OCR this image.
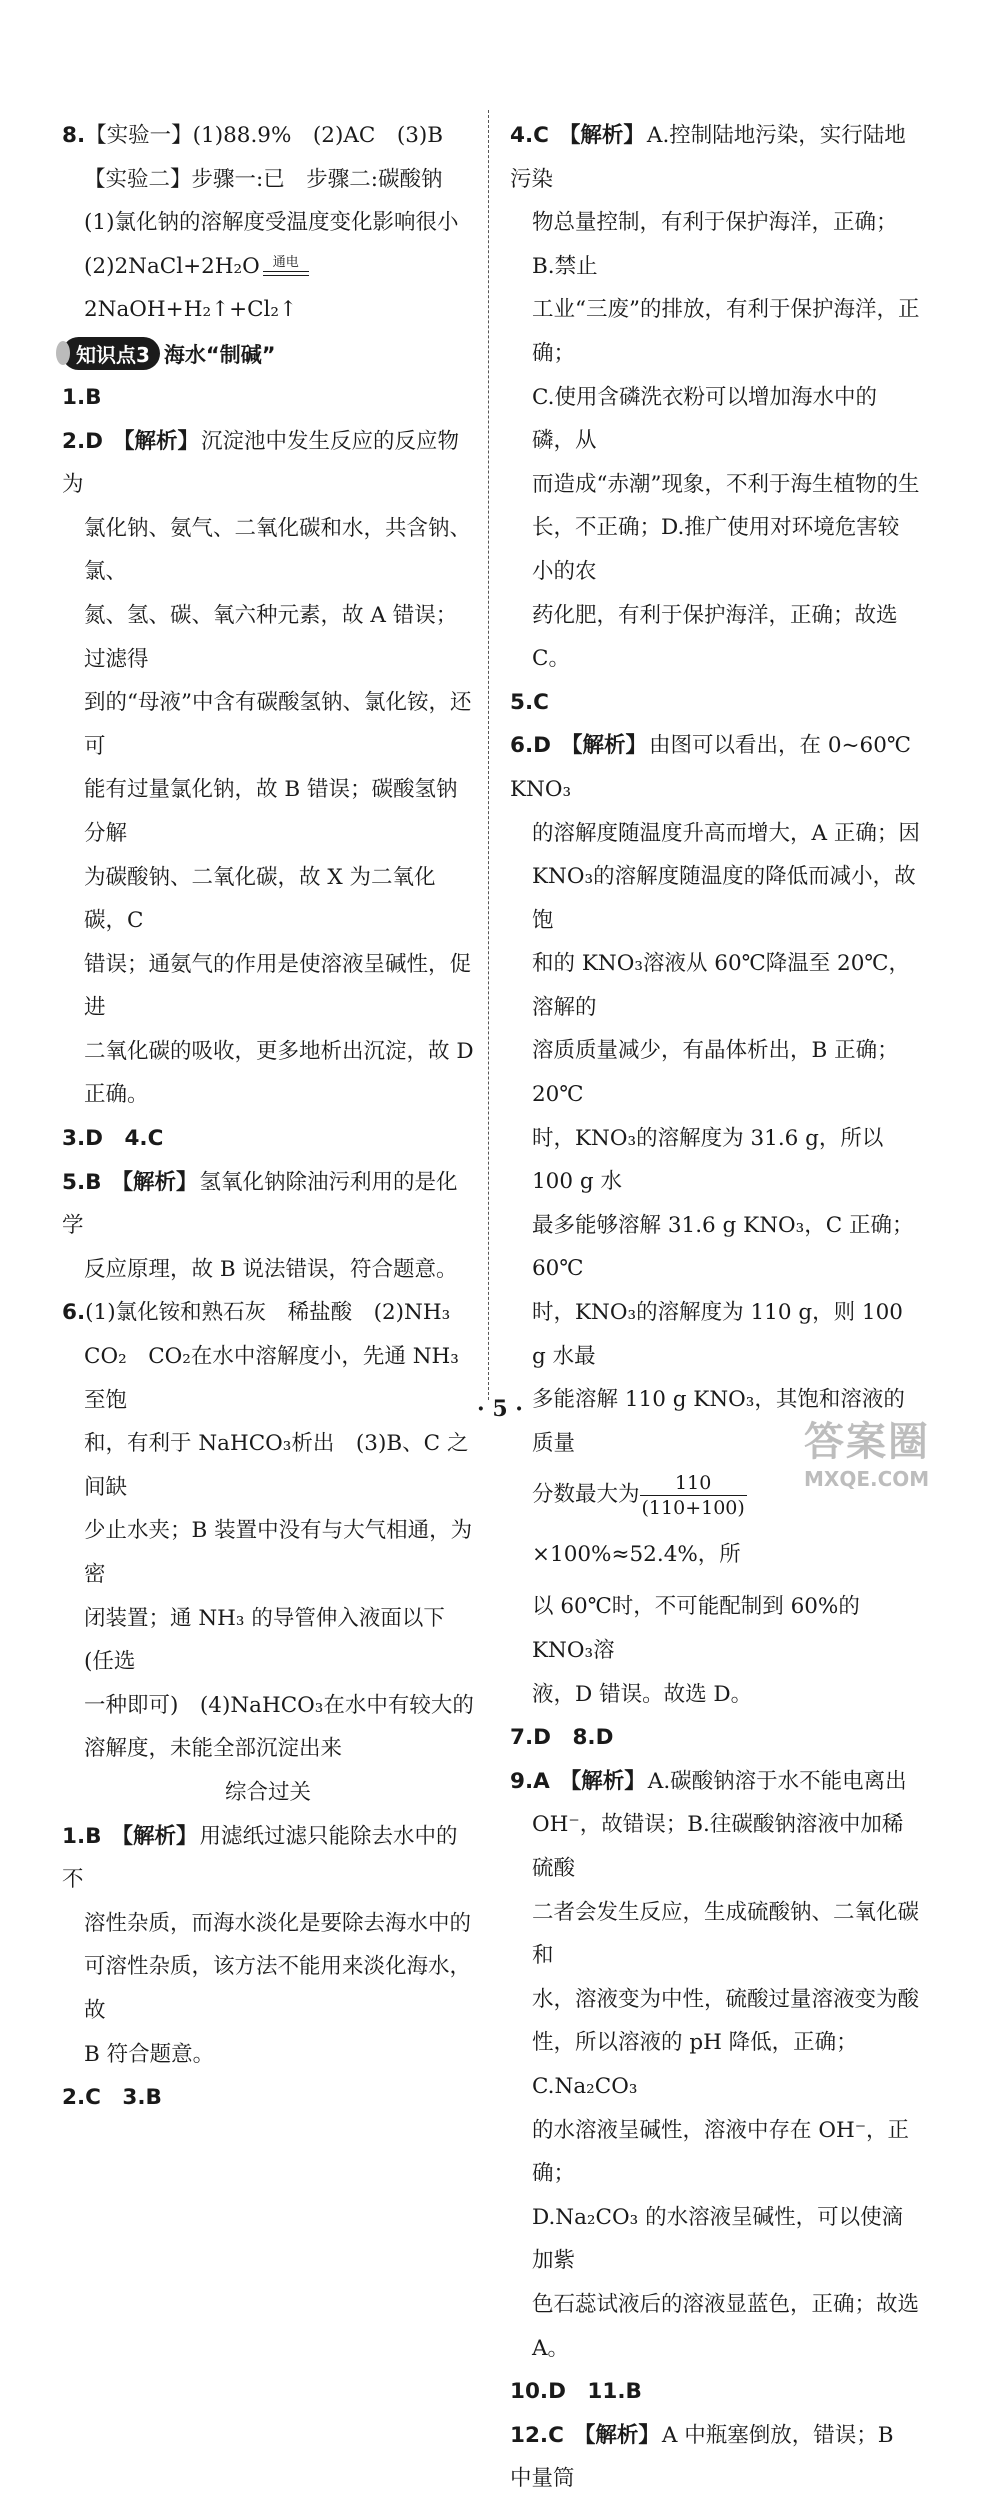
8.【实验一】(1)88.9%　(2)AC　(3)B

【实验二】步骤一:已　步骤二:碳酸钠

(1)氯化钠的溶解度受温度变化影响很小

(2)2NaCl+2H₂O 通电
2NaOH+H₂↑+Cl₂↑

知识点3 海水“制碱”

1.B

2.D 【解析】沉淀池中发生反应的反应物为

氯化钠、氨气、二氧化碳和水，共含钠、氯、

氮、氢、碳、氧六种元素，故 A 错误；过滤得

到的“母液”中含有碳酸氢钠、氯化铵，还可

能有过量氯化钠，故 B 错误；碳酸氢钠分解

为碳酸钠、二氧化碳，故 X 为二氧化碳，C

错误；通氨气的作用是使溶液呈碱性，促进

二氧化碳的吸收，更多地析出沉淀，故 D

正确。

3.D　4.C

5.B 【解析】氢氧化钠除油污利用的是化学

反应原理，故 B 说法错误，符合题意。

6.(1)氯化铵和熟石灰　稀盐酸　(2)NH₃

CO₂　CO₂在水中溶解度小，先通 NH₃至饱

和，有利于 NaHCO₃析出　(3)B、C 之间缺

少止水夹；B 装置中没有与大气相通，为密

闭装置；通 NH₃ 的导管伸入液面以下(任选

一种即可)　(4)NaHCO₃在水中有较大的

溶解度，未能全部沉淀出来

综合过关

1.B 【解析】用滤纸过滤只能除去水中的不

溶性杂质，而海水淡化是要除去海水中的

可溶性杂质，该方法不能用来淡化海水，故

B 符合题意。

2.C　3.B

4.C 【解析】A.控制陆地污染，实行陆地污染

物总量控制，有利于保护海洋，正确；B.禁止

工业“三废”的排放，有利于保护海洋，正确；

C.使用含磷洗衣粉可以增加海水中的磷，从

而造成“赤潮”现象，不利于海生植物的生

长，不正确；D.推广使用对环境危害较小的农

药化肥，有利于保护海洋，正确；故选 C。

5.C

6.D 【解析】由图可以看出，在 0~60℃ KNO₃

的溶解度随温度升高而增大，A 正确；因

KNO₃的溶解度随温度的降低而减小，故饱

和的 KNO₃溶液从 60℃降温至 20℃，溶解的

溶质质量减少，有晶体析出，B 正确；20℃

时，KNO₃的溶解度为 31.6 g，所以 100 g 水

最多能够溶解 31.6 g KNO₃，C 正确；60℃

时，KNO₃的溶解度为 110 g，则 100 g 水最

多能溶解 110 g KNO₃，其饱和溶液的质量

分数最大为 $\frac{110}{(110+100)}$
×100%≈52.4%，所

以 60℃时，不可能配制到 60%的 KNO₃溶

液，D 错误。故选 D。

7.D　8.D

9.A 【解析】A.碳酸钠溶于水不能电离出

OH⁻，故错误；B.往碳酸钠溶液中加稀硫酸

二者会发生反应，生成硫酸钠、二氧化碳和

水，溶液变为中性，硫酸过量溶液变为酸

性，所以溶液的 pH 降低，正确；C.Na₂CO₃

的水溶液呈碱性，溶液中存在 OH⁻，正确；

D.Na₂CO₃ 的水溶液呈碱性，可以使滴加紫

色石蕊试液后的溶液显蓝色，正确；故选 A。

10.D　11.B

12.C 【解析】A 中瓶塞倒放，错误；B 中量筒

· 5 ·
答案圈
MXQE.COM
